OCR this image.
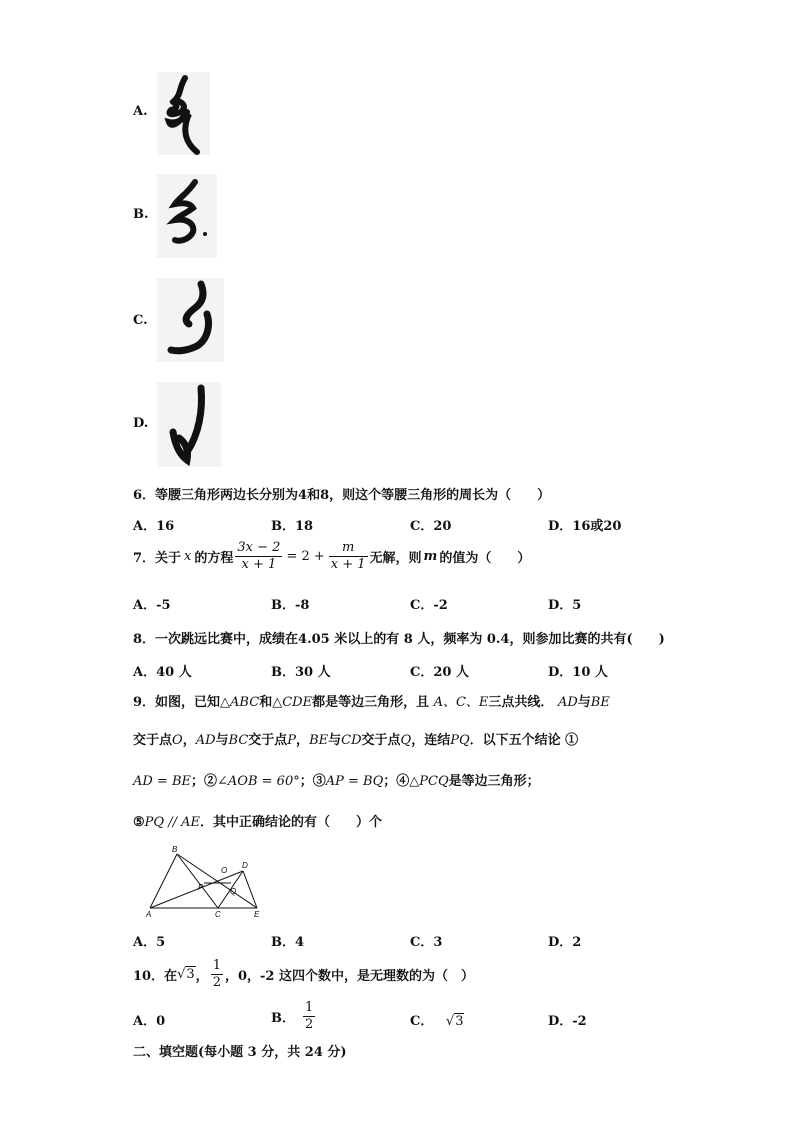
A.
B.
C.
D.
6．等腰三角形两边长分别为4和8，则这个等腰三角形的周长为（　　）
A．16	B．18	C．20	D．16或20
7．关于 x 的方程 $\frac{3x - 2}{x + 1} = 2 + \frac{m}{x + 1}$ 无解，则 m 的值为（　　）
A．-5	B．-8	C．-2	D．5
8．一次跳远比赛中，成绩在4.05 米以上的有 8 人，频率为 0.4，则参加比赛的共有(　　)
A．40 人	B．30 人	C．20 人	D．10 人
9．如图，已知△ABC和△CDE都是等边三角形，且 A、C、E三点共线． AD与BE
交于点O，AD与BC交于点P，BE与CD交于点Q，连结PQ．以下五个结论 ①
AD = BE；②∠AOB = 60°；③AP = BQ；④△PCQ是等边三角形；
⑤PQ // AE．其中正确结论的有（　　）个
B
O
D
P	Q
A	C	E
A．5	B．4	C．3	D．2
10．在 √3 ， $\frac{1}{2}$ ，0，-2 这四个数中，是无理数的为（　）
A．0	B． $\frac{1}{2}$	C． √3	D．-2
二、填空题(每小题 3 分，共 24 分)
